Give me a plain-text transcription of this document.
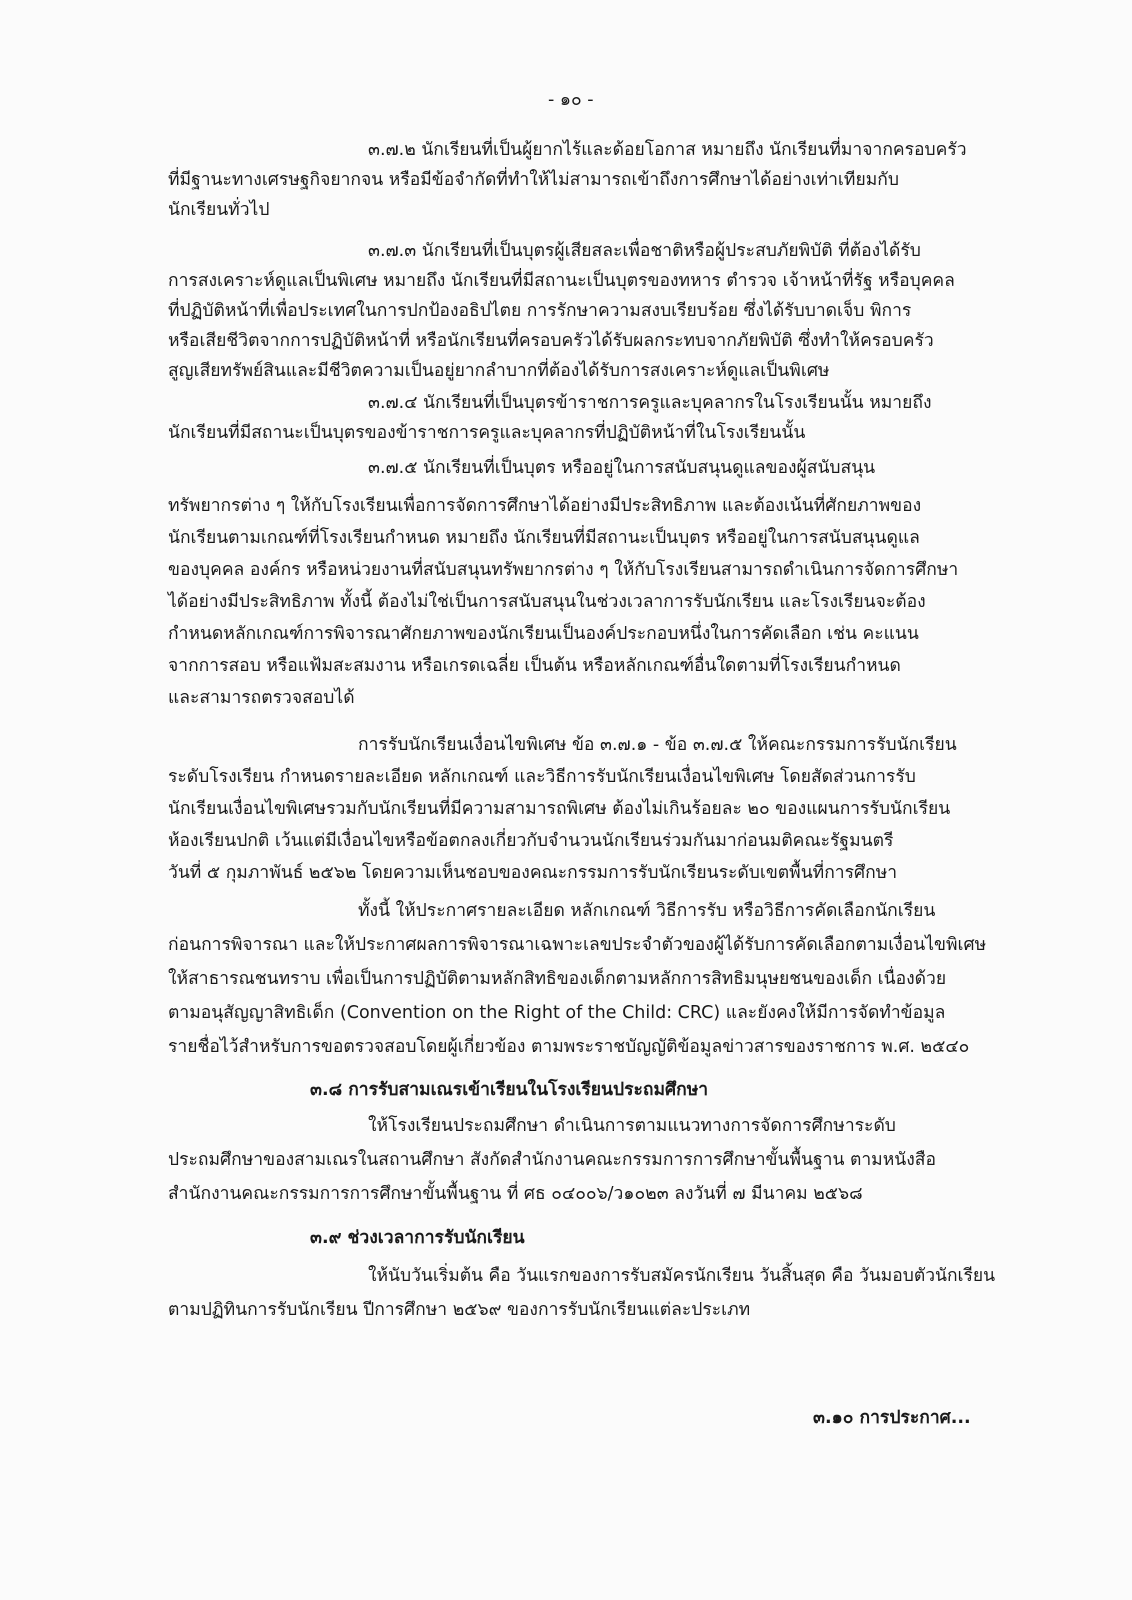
- ๑๐ -
๓.๗.๒ นักเรียนที่เป็นผู้ยากไร้และด้อยโอกาส หมายถึง นักเรียนที่มาจากครอบครัว
ที่มีฐานะทางเศรษฐกิจยากจน หรือมีข้อจำกัดที่ทำให้ไม่สามารถเข้าถึงการศึกษาได้อย่างเท่าเทียมกับ
นักเรียนทั่วไป
๓.๗.๓ นักเรียนที่เป็นบุตรผู้เสียสละเพื่อชาติหรือผู้ประสบภัยพิบัติ ที่ต้องได้รับ
การสงเคราะห์ดูแลเป็นพิเศษ หมายถึง นักเรียนที่มีสถานะเป็นบุตรของทหาร ตำรวจ เจ้าหน้าที่รัฐ หรือบุคคล
ที่ปฏิบัติหน้าที่เพื่อประเทศในการปกป้องอธิปไตย การรักษาความสงบเรียบร้อย ซึ่งได้รับบาดเจ็บ พิการ
หรือเสียชีวิตจากการปฏิบัติหน้าที่ หรือนักเรียนที่ครอบครัวได้รับผลกระทบจากภัยพิบัติ ซึ่งทำให้ครอบครัว
สูญเสียทรัพย์สินและมีชีวิตความเป็นอยู่ยากลำบากที่ต้องได้รับการสงเคราะห์ดูแลเป็นพิเศษ
๓.๗.๔ นักเรียนที่เป็นบุตรข้าราชการครูและบุคลากรในโรงเรียนนั้น หมายถึง
นักเรียนที่มีสถานะเป็นบุตรของข้าราชการครูและบุคลากรที่ปฏิบัติหน้าที่ในโรงเรียนนั้น
๓.๗.๕ นักเรียนที่เป็นบุตร หรืออยู่ในการสนับสนุนดูแลของผู้สนับสนุน
ทรัพยากรต่าง ๆ ให้กับโรงเรียนเพื่อการจัดการศึกษาได้อย่างมีประสิทธิภาพ และต้องเน้นที่ศักยภาพของ
นักเรียนตามเกณฑ์ที่โรงเรียนกำหนด หมายถึง นักเรียนที่มีสถานะเป็นบุตร หรืออยู่ในการสนับสนุนดูแล
ของบุคคล องค์กร หรือหน่วยงานที่สนับสนุนทรัพยากรต่าง ๆ ให้กับโรงเรียนสามารถดำเนินการจัดการศึกษา
ได้อย่างมีประสิทธิภาพ ทั้งนี้ ต้องไม่ใช่เป็นการสนับสนุนในช่วงเวลาการรับนักเรียน และโรงเรียนจะต้อง
กำหนดหลักเกณฑ์การพิจารณาศักยภาพของนักเรียนเป็นองค์ประกอบหนึ่งในการคัดเลือก เช่น คะแนน
จากการสอบ หรือแฟ้มสะสมงาน หรือเกรดเฉลี่ย เป็นต้น หรือหลักเกณฑ์อื่นใดตามที่โรงเรียนกำหนด
และสามารถตรวจสอบได้
การรับนักเรียนเงื่อนไขพิเศษ ข้อ ๓.๗.๑ - ข้อ ๓.๗.๕ ให้คณะกรรมการรับนักเรียน
ระดับโรงเรียน กำหนดรายละเอียด หลักเกณฑ์ และวิธีการรับนักเรียนเงื่อนไขพิเศษ โดยสัดส่วนการรับ
นักเรียนเงื่อนไขพิเศษรวมกับนักเรียนที่มีความสามารถพิเศษ ต้องไม่เกินร้อยละ ๒๐ ของแผนการรับนักเรียน
ห้องเรียนปกติ เว้นแต่มีเงื่อนไขหรือข้อตกลงเกี่ยวกับจำนวนนักเรียนร่วมกันมาก่อนมติคณะรัฐมนตรี
วันที่ ๕ กุมภาพันธ์ ๒๕๖๒ โดยความเห็นชอบของคณะกรรมการรับนักเรียนระดับเขตพื้นที่การศึกษา
ทั้งนี้ ให้ประกาศรายละเอียด หลักเกณฑ์ วิธีการรับ หรือวิธีการคัดเลือกนักเรียน
ก่อนการพิจารณา และให้ประกาศผลการพิจารณาเฉพาะเลขประจำตัวของผู้ได้รับการคัดเลือกตามเงื่อนไขพิเศษ
ให้สาธารณชนทราบ เพื่อเป็นการปฏิบัติตามหลักสิทธิของเด็กตามหลักการสิทธิมนุษยชนของเด็ก เนื่องด้วย
ตามอนุสัญญาสิทธิเด็ก (Convention on the Right of the Child: CRC) และยังคงให้มีการจัดทำข้อมูล
รายชื่อไว้สำหรับการขอตรวจสอบโดยผู้เกี่ยวข้อง ตามพระราชบัญญัติข้อมูลข่าวสารของราชการ พ.ศ. ๒๕๔๐
๓.๘ การรับสามเณรเข้าเรียนในโรงเรียนประถมศึกษา
ให้โรงเรียนประถมศึกษา ดำเนินการตามแนวทางการจัดการศึกษาระดับ
ประถมศึกษาของสามเณรในสถานศึกษา สังกัดสำนักงานคณะกรรมการการศึกษาขั้นพื้นฐาน ตามหนังสือ
สำนักงานคณะกรรมการการศึกษาขั้นพื้นฐาน ที่ ศธ ๐๔๐๐๖/ว๑๐๒๓ ลงวันที่ ๗ มีนาคม ๒๕๖๘
๓.๙ ช่วงเวลาการรับนักเรียน
ให้นับวันเริ่มต้น คือ วันแรกของการรับสมัครนักเรียน วันสิ้นสุด คือ วันมอบตัวนักเรียน
ตามปฏิทินการรับนักเรียน ปีการศึกษา ๒๕๖๙ ของการรับนักเรียนแต่ละประเภท
๓.๑๐ การประกาศ...
